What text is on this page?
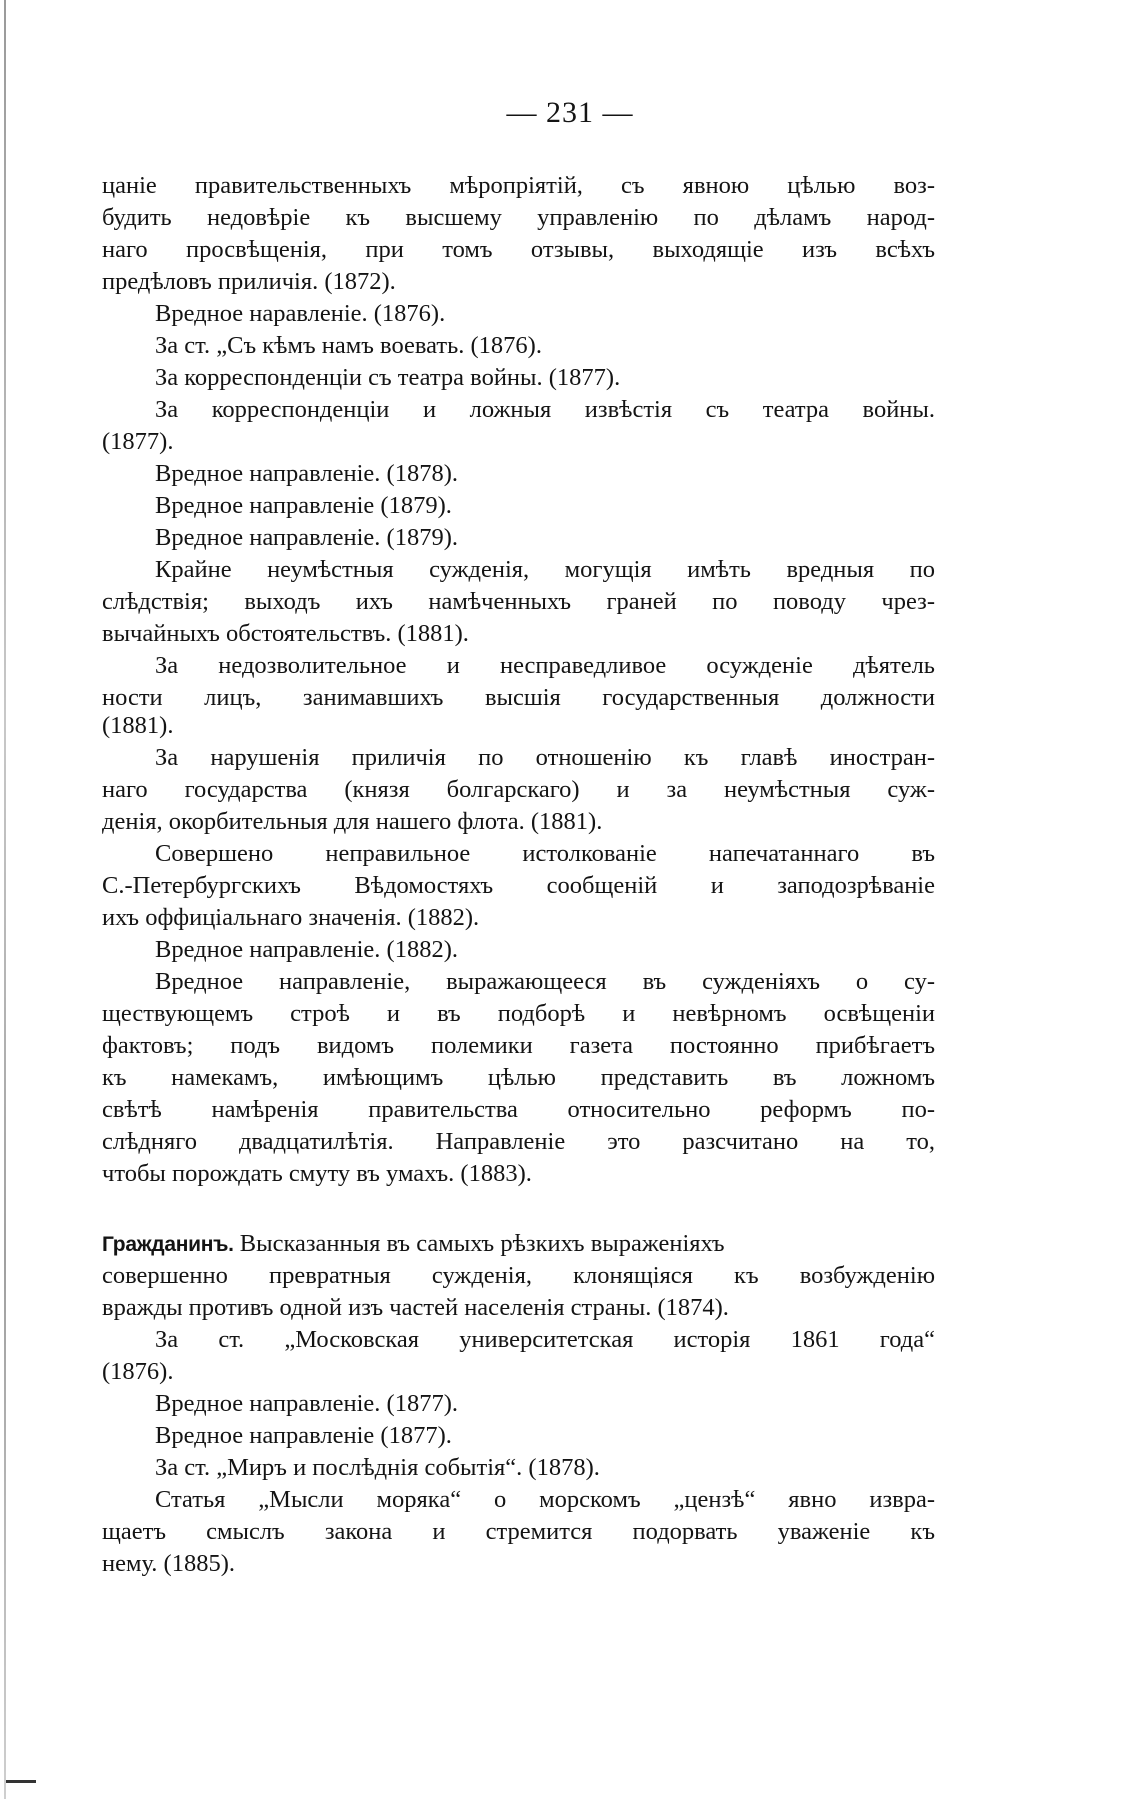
— 231 —
цаніе правительственныхъ мѣропріятій, съ явною цѣлью воз-
будить недовѣріе къ высшему управленію по дѣламъ народ-
наго просвѣщенія, при томъ отзывы, выходящіе изъ всѣхъ
предѣловъ приличія. (1872).
Вредное наравленіе. (1876).
За ст. „Съ кѣмъ намъ воевать. (1876).
За корреспонденціи съ театра войны. (1877).
За корреспонденціи и ложныя извѣстія съ театра войны.
(1877).
Вредное направленіе. (1878).
Вредное направленіе (1879).
Вредное направленіе. (1879).
Крайне неумѣстныя сужденія, могущія имѣть вредныя по
слѣдствія; выходъ ихъ намѣченныхъ граней по поводу чрез-
вычайныхъ обстоятельствъ. (1881).
За недозволительное и несправедливое осужденіе дѣятель
ности лицъ, занимавшихъ высшія государственныя должности
(1881).
За нарушенія приличія по отношенію къ главѣ иностран-
наго государства (князя болгарскаго) и за неумѣстныя суж-
денія, окорбительныя для нашего флота. (1881).
Совершено неправильное истолкованіе напечатаннаго въ
С.-Петербургскихъ Вѣдомостяхъ сообщеній и заподозрѣваніе
ихъ оффиціальнаго значенія. (1882).
Вредное направленіе. (1882).
Вредное направленіе, выражающееся въ сужденіяхъ о су-
ществующемъ строѣ и въ подборѣ и невѣрномъ освѣщеніи
фактовъ; подъ видомъ полемики газета постоянно прибѣгаетъ
къ намекамъ, имѣющимъ цѣлью представить въ ложномъ
свѣтѣ намѣренія правительства относительно реформъ по-
слѣдняго двадцатилѣтія. Направленіе это разсчитано на то,
чтобы порождать смуту въ умахъ. (1883).
Гражданинъ. Высказанныя въ самыхъ рѣзкихъ выраженіяхъ
совершенно превратныя сужденія, клонящіяся къ возбужденію
вражды противъ одной изъ частей населенія страны. (1874).
За ст. „Московская университетская исторія 1861 года“
(1876).
Вредное направленіе. (1877).
Вредное направленіе (1877).
За ст. „Миръ и послѣднія событія“. (1878).
Статья „Мысли моряка“ о морскомъ „цензѣ“ явно извра-
щаетъ смыслъ закона и стремится подорвать уваженіе къ
нему. (1885).
